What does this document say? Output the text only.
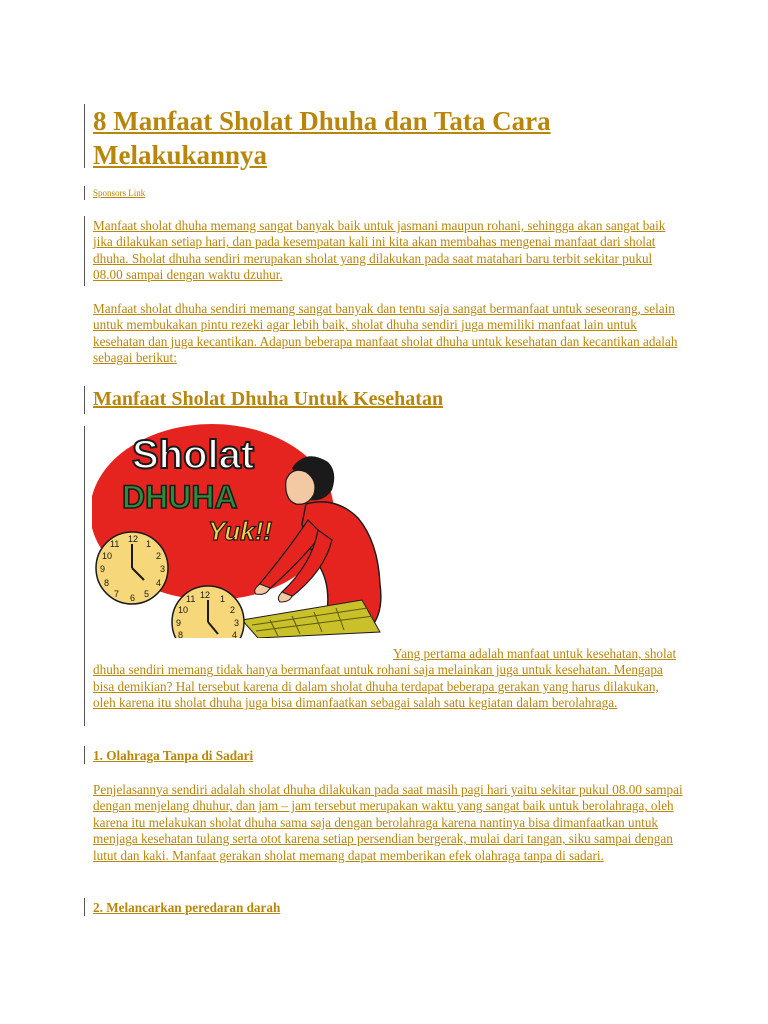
8 Manfaat Sholat Dhuha dan Tata Cara Melakukannya
Sponsors Link

Manfaat sholat dhuha memang sangat banyak baik untuk jasmani maupun rohani, sehingga akan sangat baik jika dilakukan setiap hari, dan pada kesempatan kali ini kita akan membahas mengenai manfaat dari sholat dhuha. Sholat dhuha sendiri merupakan sholat yang dilakukan pada saat matahari baru terbit sekitar pukul 08.00 sampai dengan waktu dzuhur.

Manfaat sholat dhuha sendiri memang sangat banyak dan tentu saja sangat bermanfaat untuk seseorang, selain untuk membukakan pintu rezeki agar lebih baik, sholat dhuha sendiri juga memiliki manfaat lain untuk kesehatan dan juga kecantikan. Adapun beberapa manfaat sholat dhuha untuk kesehatan dan kecantikan adalah sebagai berikut:

Manfaat Sholat Dhuha Untuk Kesehatan
Sholat
DHUHA
Yuk!!
12 1
2
3
4
5
6
7
8
9
10
11
12 1
2
3
4
8
9
10
11

Yang pertama adalah manfaat untuk kesehatan, sholat dhuha sendiri memang tidak hanya bermanfaat untuk rohani saja melainkan juga untuk kesehatan. Mengapa bisa demikian? Hal tersebut karena di dalam sholat dhuha terdapat beberapa gerakan yang harus dilakukan, oleh karena itu sholat dhuha juga bisa dimanfaatkan sebagai salah satu kegiatan dalam berolahraga.

1. Olahraga Tanpa di Sadari

Penjelasannya sendiri adalah sholat dhuha dilakukan pada saat masih pagi hari yaitu sekitar pukul 08.00 sampai dengan menjelang dhuhur, dan jam – jam tersebut merupakan waktu yang sangat baik untuk berolahraga, oleh karena itu melakukan sholat dhuha sama saja dengan berolahraga karena nantinya bisa dimanfaatkan untuk menjaga kesehatan tulang serta otot karena setiap persendian bergerak, mulai dari tangan, siku sampai dengan lutut dan kaki. Manfaat gerakan sholat memang dapat memberikan efek olahraga tanpa di sadari.

2. Melancarkan peredaran darah
